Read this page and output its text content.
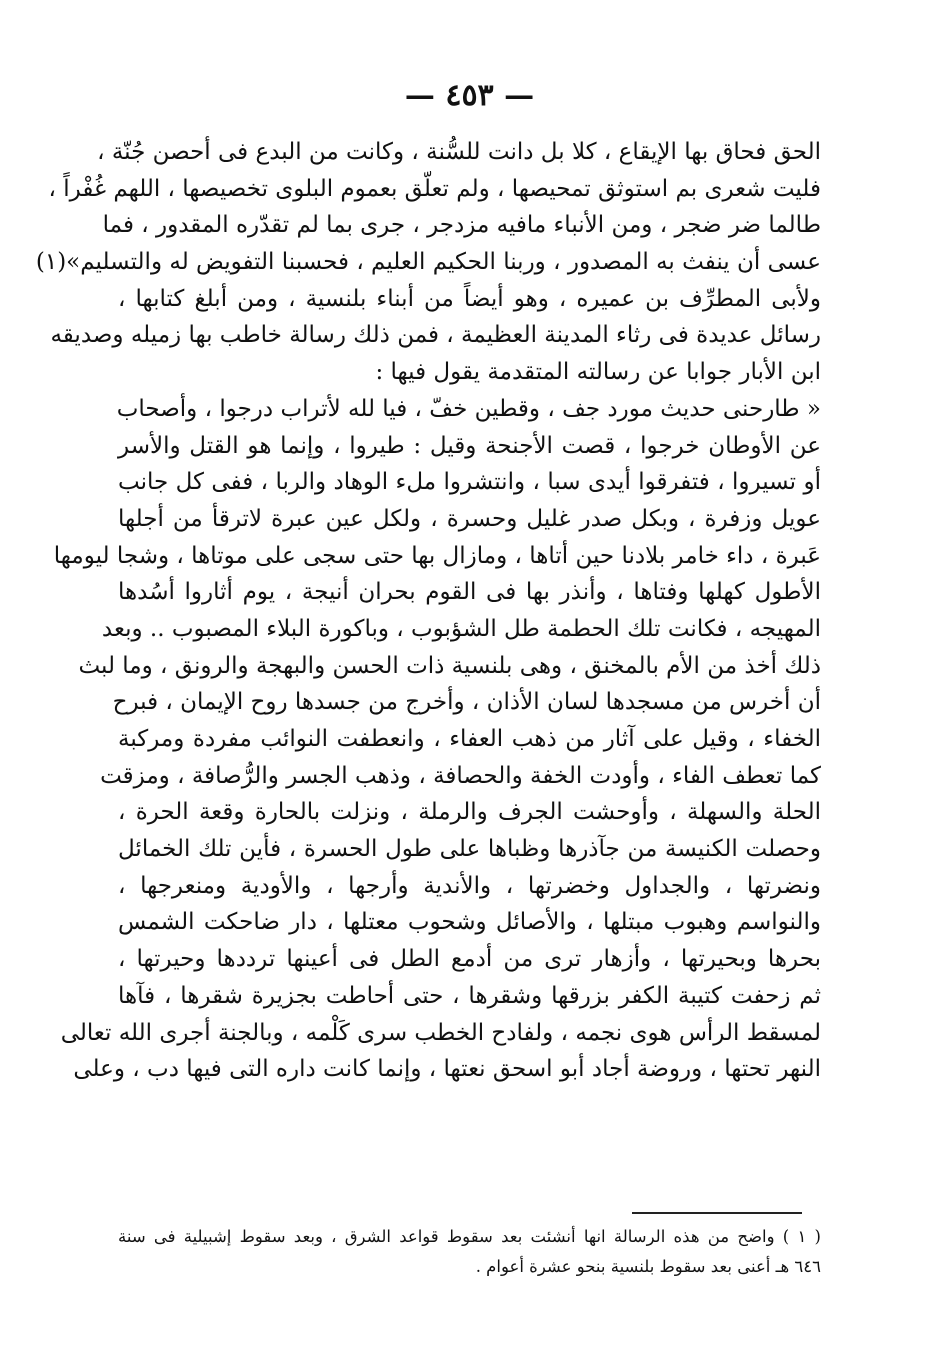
— ٤٥٣ —
الحق فحاق بها الإيقاع ، كلا بل دانت للسُّنة ، وكانت من البدع فى أحصن جُنّة ،
فليت شعرى بم استوثق تمحيصها ، ولم تعلّق بعموم البلوى تخصيصها ، اللهم غُفْراً ،
طالما ضر ضجر ، ومن الأنباء مافيه مزدجر ، جرى بما لم تقدّره المقدور ، فما
عسى أن ينفث به المصدور ، وربنا الحكيم العليم ، فحسبنا التفويض له والتسليم»(١)
ولأبى المطرِّف بن عميره ، وهو أيضاً من أبناء بلنسية ، ومن أبلغ كتابها ،
رسائل عديدة فى رثاء المدينة العظيمة ، فمن ذلك رسالة خاطب بها زميله وصديقه
ابن الأبار جوابا عن رسالته المتقدمة يقول فيها :
« طارحنى حديث مورد جف ، وقطين خفّ ، فيا لله لأتراب درجوا ، وأصحاب
عن الأوطان خرجوا ، قصت الأجنحة وقيل : طيروا ، وإنما هو القتل والأسر
أو تسيروا ، فتفرقوا أيدى سبا ، وانتشروا ملء الوهاد والربا ، ففى كل جانب
عويل وزفرة ، وبكل صدر غليل وحسرة ، ولكل عين عبرة لاترقأ من أجلها
عَبرة ، داء خامر بلادنا حين أتاها ، ومازال بها حتى سجى على موتاها ، وشجا ليومها
الأطول كهلها وفتاها ، وأنذر بها فى القوم بحران أنيجة ، يوم أثاروا أسُدها
المهيجه ، فكانت تلك الحطمة طل الشؤبوب ، وباكورة البلاء المصبوب .. وبعد
ذلك أخذ من الأم بالمخنق ، وهى بلنسية ذات الحسن والبهجة والرونق ، وما لبث
أن أخرس من مسجدها لسان الأذان ، وأخرج من جسدها روح الإيمان ، فبرح
الخفاء ، وقيل على آثار من ذهب العفاء ، وانعطفت النوائب مفردة ومركبة
كما تعطف الفاء ، وأودت الخفة والحصافة ، وذهب الجسر والرُّصافة ، ومزقت
الحلة والسهلة ، وأوحشت الجرف والرملة ، ونزلت بالحارة وقعة الحرة ،
وحصلت الكنيسة من جآذرها وظباها على طول الحسرة ، فأين تلك الخمائل
ونضرتها ، والجداول وخضرتها ، والأندية وأرجها ، والأودية ومنعرجها ،
والنواسم وهبوب مبتلها ، والأصائل وشحوب معتلها ، دار ضاحكت الشمس
بحرها وبحيرتها ، وأزهار ترى من أدمع الطل فى أعينها ترددها وحيرتها ،
ثم زحفت كتيبة الكفر بزرقها وشقرها ، حتى أحاطت بجزيرة شقرها ، فآها
لمسقط الرأس هوى نجمه ، ولفادح الخطب سرى كَلْمه ، وبالجنة أجرى الله تعالى
النهر تحتها ، وروضة أجاد أبو اسحق نعتها ، وإنما كانت داره التى فيها دب ، وعلى
( ١ ) واضح من هذه الرسالة انها أنشئت بعد سقوط قواعد الشرق ، وبعد سقوط إشبيلية فى سنة
٦٤٦ هـ أعنى بعد سقوط بلنسية بنحو عشرة أعوام .
